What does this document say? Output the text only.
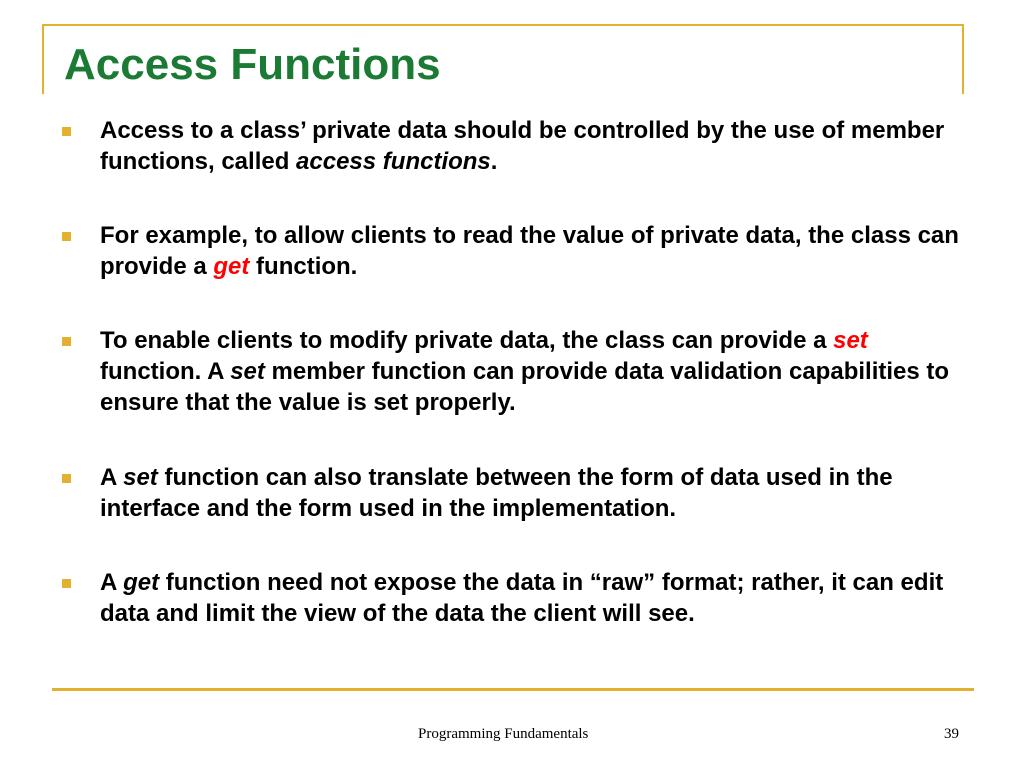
Access Functions
Access to a class’ private data should be controlled by the use of member functions, called access functions.
For example, to allow clients to read the value of private data, the class can provide a get function.
To enable clients to modify private data, the class can provide a set function. A set member function can provide data validation capabilities to ensure that the value is set properly.
A set function can also translate between the form of data used in the interface and the form used in the implementation.
A get function need not expose the data in “raw” format; rather, it can edit data and limit the view of the data the client will see.
Programming Fundamentals	39
